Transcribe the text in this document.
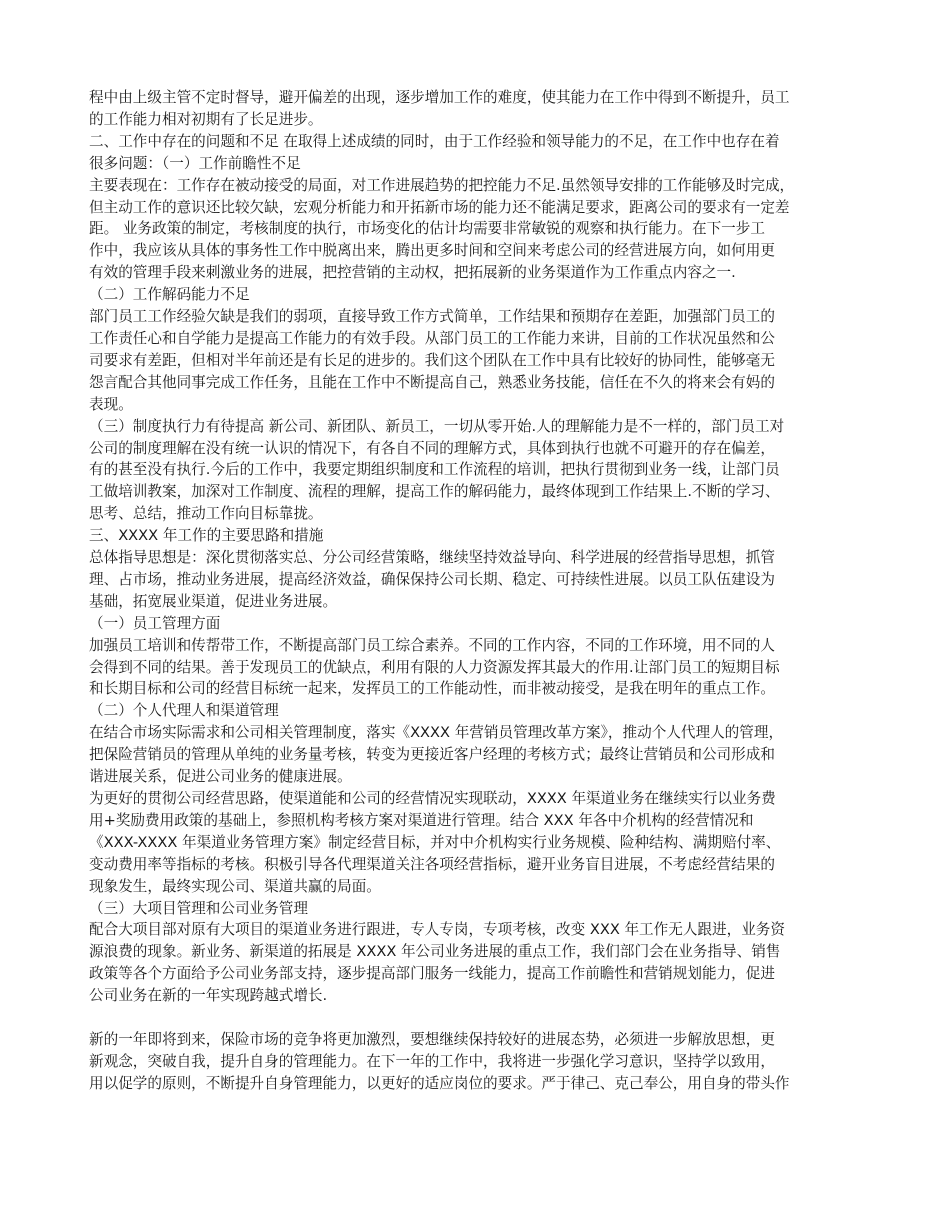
程中由上级主管不定时督导，避开偏差的出现，逐步增加工作的难度，使其能力在工作中得到不断提升，员工
的工作能力相对初期有了长足进步。
二、工作中存在的问题和不足 在取得上述成绩的同时，由于工作经验和领导能力的不足，在工作中也存在着
很多问题：（一）工作前瞻性不足
主要表现在：工作存在被动接受的局面，对工作进展趋势的把控能力不足.虽然领导安排的工作能够及时完成，
但主动工作的意识还比较欠缺，宏观分析能力和开拓新市场的能力还不能满足要求，距离公司的要求有一定差
距。 业务政策的制定，考核制度的执行，市场变化的估计均需要非常敏锐的观察和执行能力。在下一步工
作中，我应该从具体的事务性工作中脱离出来，腾出更多时间和空间来考虑公司的经营进展方向，如何用更
有效的管理手段来刺激业务的进展，把控营销的主动权，把拓展新的业务渠道作为工作重点内容之一.
（二）工作解码能力不足
部门员工工作经验欠缺是我们的弱项，直接导致工作方式简单，工作结果和预期存在差距，加强部门员工的
工作责任心和自学能力是提高工作能力的有效手段。从部门员工的工作能力来讲，目前的工作状况虽然和公
司要求有差距，但相对半年前还是有长足的进步的。我们这个团队在工作中具有比较好的协同性，能够毫无
怨言配合其他同事完成工作任务，且能在工作中不断提高自己，熟悉业务技能，信任在不久的将来会有妈的
表现。
（三）制度执行力有待提高 新公司、新团队、新员工，一切从零开始.人的理解能力是不一样的，部门员工对
公司的制度理解在没有统一认识的情况下，有各自不同的理解方式，具体到执行也就不可避开的存在偏差，
有的甚至没有执行.今后的工作中，我要定期组织制度和工作流程的培训，把执行贯彻到业务一线，让部门员
工做培训教案，加深对工作制度、流程的理解，提高工作的解码能力，最终体现到工作结果上.不断的学习、
思考、总结，推动工作向目标靠拢。
三、XXXX 年工作的主要思路和措施
总体指导思想是：深化贯彻落实总、分公司经营策略，继续坚持效益导向、科学进展的经营指导思想，抓管
理、占市场，推动业务进展，提高经济效益，确保保持公司长期、稳定、可持续性进展。以员工队伍建设为
基础，拓宽展业渠道，促进业务进展。
（一）员工管理方面
加强员工培训和传帮带工作，不断提高部门员工综合素养。不同的工作内容，不同的工作环境，用不同的人
会得到不同的结果。善于发现员工的优缺点，利用有限的人力资源发挥其最大的作用.让部门员工的短期目标
和长期目标和公司的经营目标统一起来，发挥员工的工作能动性，而非被动接受，是我在明年的重点工作。
（二）个人代理人和渠道管理
在结合市场实际需求和公司相关管理制度，落实《XXXX 年营销员管理改革方案》，推动个人代理人的管理，
把保险营销员的管理从单纯的业务量考核，转变为更接近客户经理的考核方式；最终让营销员和公司形成和
谐进展关系，促进公司业务的健康进展。
为更好的贯彻公司经营思路，使渠道能和公司的经营情况实现联动，XXXX 年渠道业务在继续实行以业务费
用+奖励费用政策的基础上，参照机构考核方案对渠道进行管理。结合 XXX 年各中介机构的经营情况和
《XXX-XXXX 年渠道业务管理方案》制定经营目标，并对中介机构实行业务规模、险种结构、满期赔付率、
变动费用率等指标的考核。积极引导各代理渠道关注各项经营指标，避开业务盲目进展，不考虑经营结果的
现象发生，最终实现公司、渠道共赢的局面。
（三）大项目管理和公司业务管理
配合大项目部对原有大项目的渠道业务进行跟进，专人专岗，专项考核，改变 XXX 年工作无人跟进，业务资
源浪费的现象。新业务、新渠道的拓展是 XXXX 年公司业务进展的重点工作，我们部门会在业务指导、销售
政策等各个方面给予公司业务部支持，逐步提高部门服务一线能力，提高工作前瞻性和营销规划能力，促进
公司业务在新的一年实现跨越式增长.
新的一年即将到来，保险市场的竞争将更加激烈，要想继续保持较好的进展态势，必须进一步解放思想，更
新观念，突破自我，提升自身的管理能力。在下一年的工作中，我将进一步强化学习意识，坚持学以致用，
用以促学的原则，不断提升自身管理能力，以更好的适应岗位的要求。严于律己、克己奉公，用自身的带头作
